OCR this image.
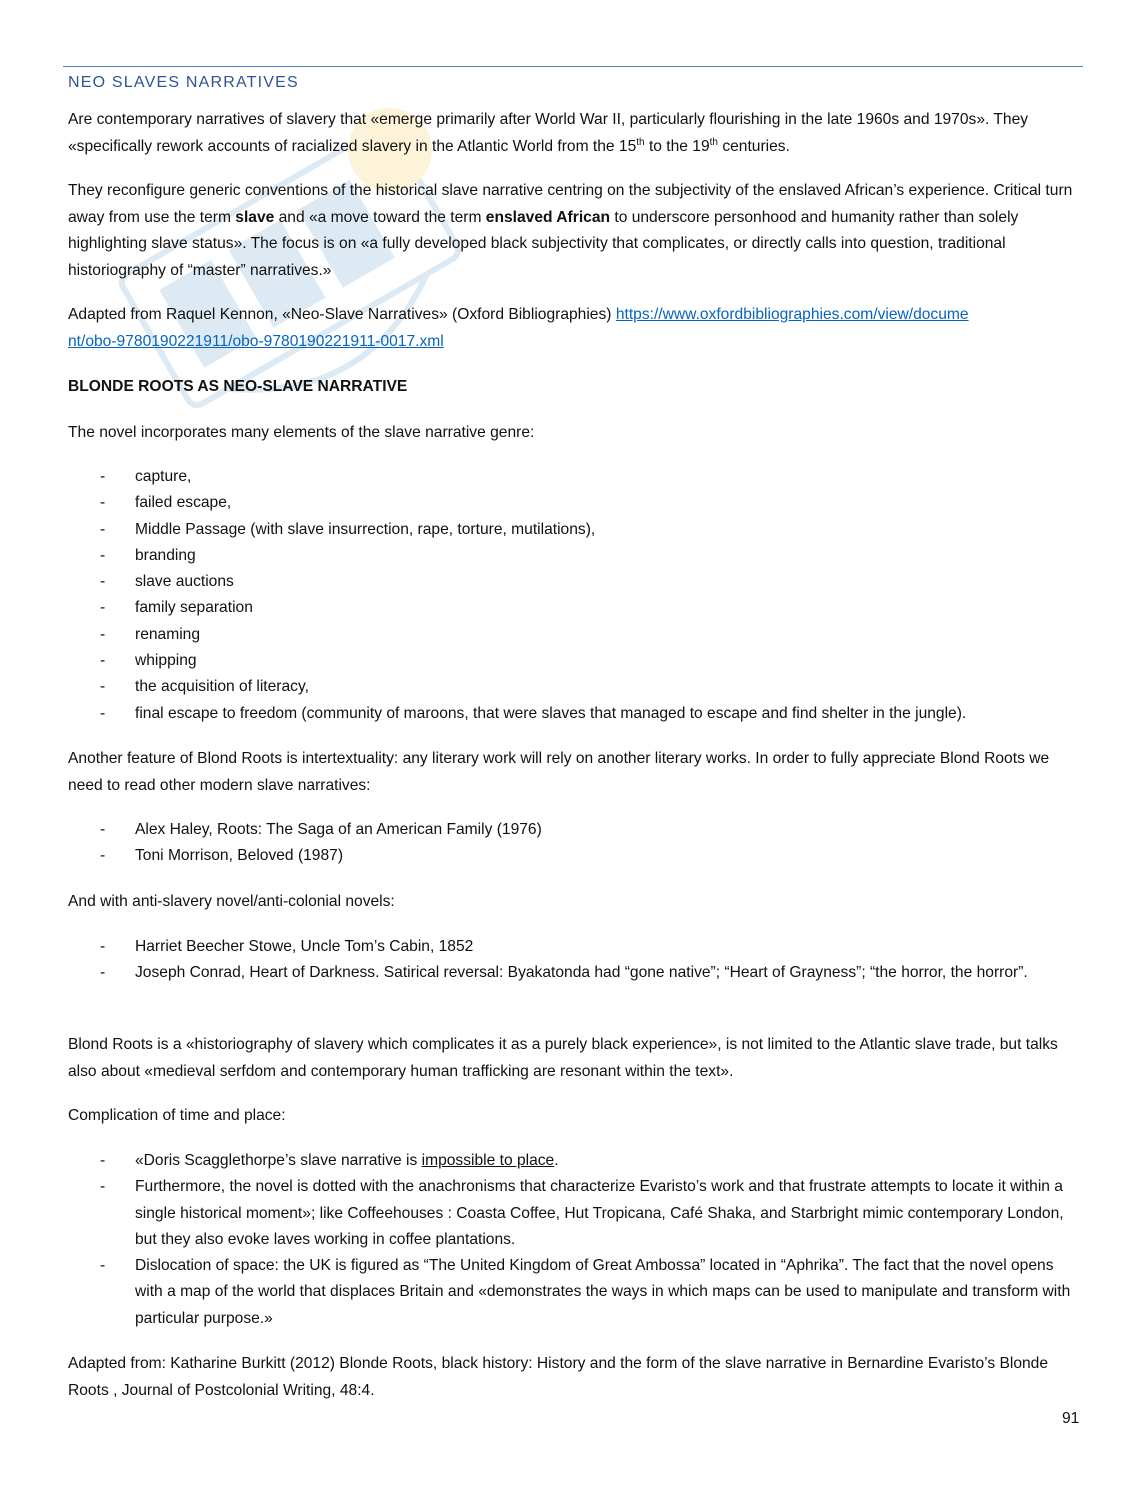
NEO SLAVES NARRATIVES

Are contemporary narratives of slavery that «emerge primarily after World War II, particularly flourishing in the late 1960s and 1970s». They «specifically rework accounts of racialized slavery in the Atlantic World from the 15th to the 19th centuries.

They reconfigure generic conventions of the historical slave narrative centring on the subjectivity of the enslaved African’s experience. Critical turn away from use the term slave and «a move toward the term enslaved African to underscore personhood and humanity rather than solely highlighting slave status». The focus is on «a fully developed black subjectivity that complicates, or directly calls into question, traditional historiography of “master” narratives.»

Adapted from Raquel Kennon, «Neo-Slave Narratives» (Oxford Bibliographies) https://www.oxfordbibliographies.com/view/docume
nt/obo-9780190221911/obo-9780190221911-0017.xml

BLONDE ROOTS AS NEO-SLAVE NARRATIVE

The novel incorporates many elements of the slave narrative genre:

- capture,
- failed escape,
- Middle Passage (with slave insurrection, rape, torture, mutilations),
- branding
- slave auctions
- family separation
- renaming
- whipping
- the acquisition of literacy,
- final escape to freedom (community of maroons, that were slaves that managed to escape and find shelter in the jungle).

Another feature of Blond Roots is intertextuality: any literary work will rely on another literary works. In order to fully appreciate Blond Roots we need to read other modern slave narratives:

- Alex Haley, Roots: The Saga of an American Family (1976)
- Toni Morrison, Beloved (1987)

And with anti-slavery novel/anti-colonial novels:

- Harriet Beecher Stowe, Uncle Tom’s Cabin, 1852
- Joseph Conrad, Heart of Darkness. Satirical reversal: Byakatonda had “gone native”; “Heart of Grayness”; “the horror, the horror”.

Blond Roots is a «historiography of slavery which complicates it as a purely black experience», is not limited to the Atlantic slave trade, but talks also about «medieval serfdom and contemporary human trafficking are resonant within the text».

Complication of time and place:

- «Doris Scagglethorpe’s slave narrative is impossible to place.
- Furthermore, the novel is dotted with the anachronisms that characterize Evaristo’s work and that frustrate attempts to locate it within a single historical moment»; like Coffeehouses : Coasta Coffee, Hut Tropicana, Café Shaka, and Starbright mimic contemporary London, but they also evoke laves working in coffee plantations.
- Dislocation of space: the UK is figured as “The United Kingdom of Great Ambossa” located in “Aphrika”. The fact that the novel opens with a map of the world that displaces Britain and «demonstrates the ways in which maps can be used to manipulate and transform with particular purpose.»

Adapted from: Katharine Burkitt (2012) Blonde Roots, black history: History and the form of the slave narrative in Bernardine Evaristo’s Blonde Roots , Journal of Postcolonial Writing, 48:4.

91
